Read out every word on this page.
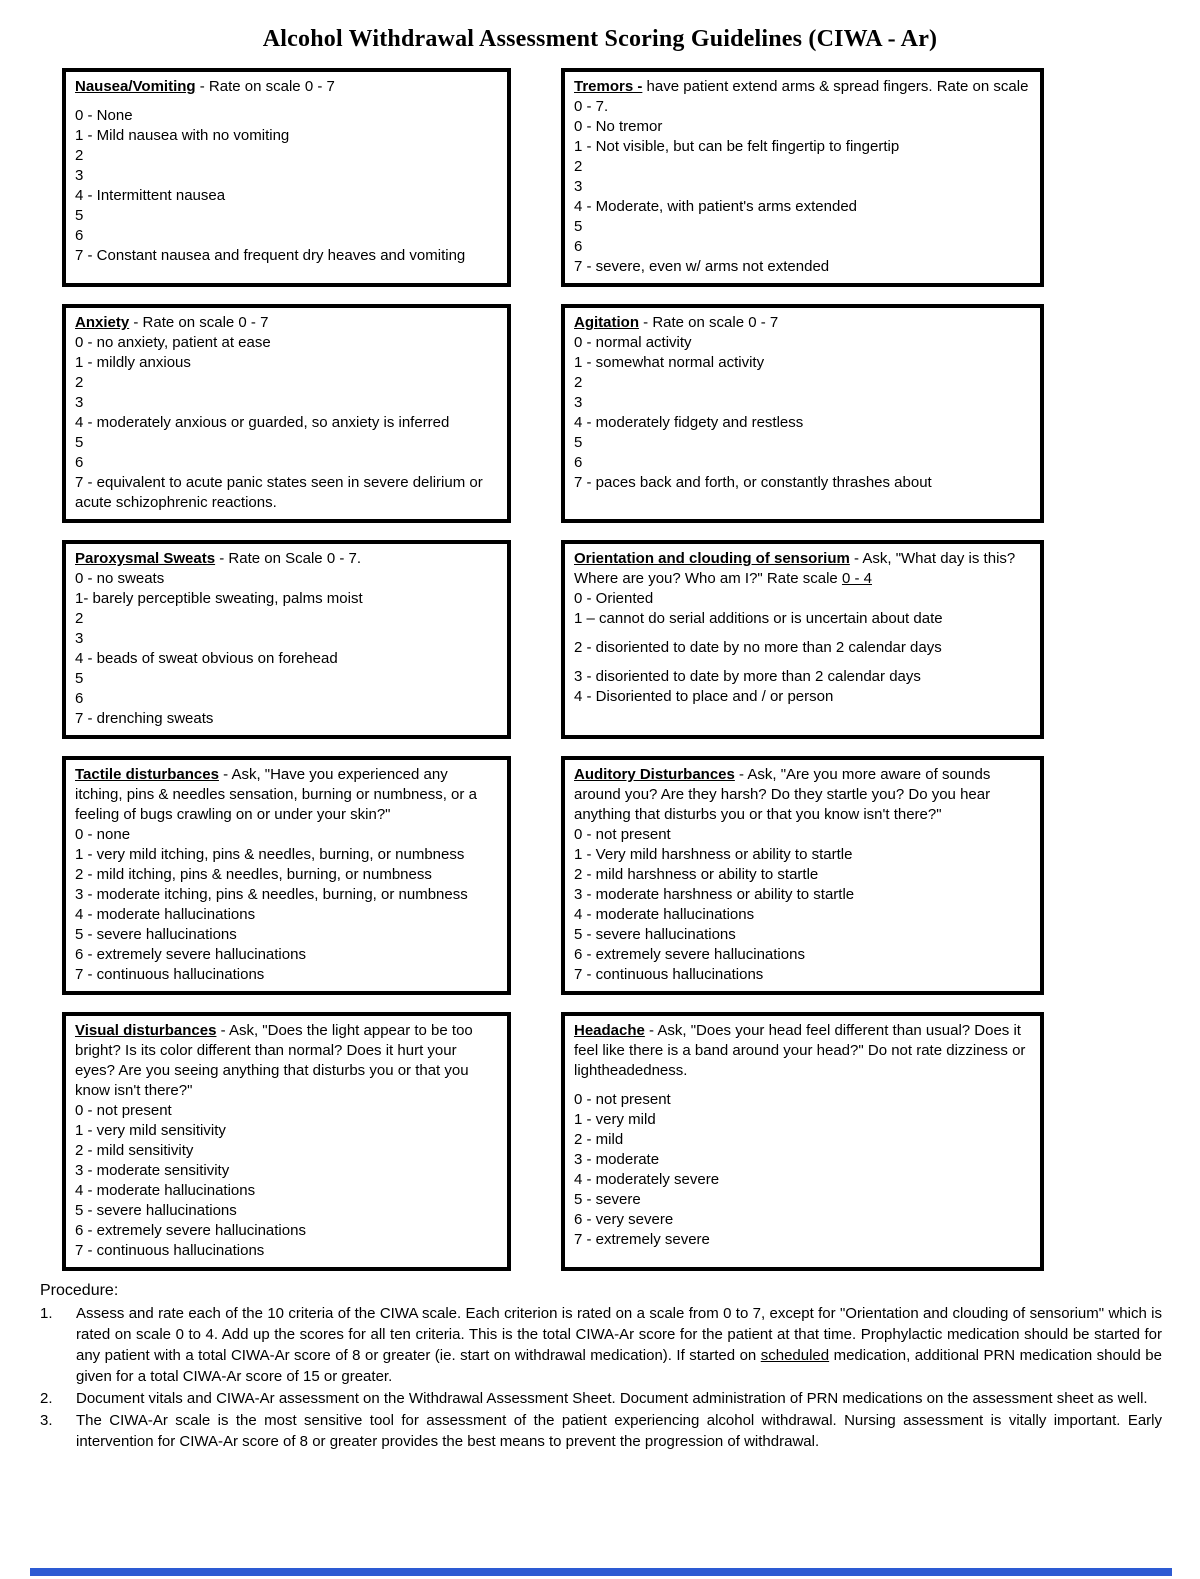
Alcohol Withdrawal Assessment Scoring Guidelines (CIWA - Ar)
Nausea/Vomiting - Rate on scale 0 - 7
0 - None
1 - Mild nausea with no vomiting
2
3
4 - Intermittent nausea
5
6
7 - Constant nausea and frequent dry heaves and vomiting
Tremors - have patient extend arms & spread fingers. Rate on scale 0 - 7.
0 - No tremor
1 - Not visible, but can be felt fingertip to fingertip
2
3
4 - Moderate, with patient's arms extended
5
6
7 - severe, even w/ arms not extended
Anxiety - Rate on scale 0 - 7
0 - no anxiety, patient at ease
1 - mildly anxious
2
3
4 - moderately anxious or guarded, so anxiety is inferred
5
6
7 - equivalent to acute panic states seen in severe delirium or acute schizophrenic reactions.
Agitation - Rate on scale 0 - 7
0 - normal activity
1 - somewhat normal activity
2
3
4 - moderately fidgety and restless
5
6
7 - paces back and forth, or constantly thrashes about
Paroxysmal Sweats - Rate on Scale 0 - 7.
0 - no sweats
1- barely perceptible sweating, palms moist
2
3
4 - beads of sweat obvious on forehead
5
6
7 - drenching sweats
Orientation and clouding of sensorium - Ask, "What day is this? Where are you? Who am I?" Rate scale 0 - 4
0 - Oriented
1 – cannot do serial additions or is uncertain about date
2 - disoriented to date by no more than 2 calendar days
3 - disoriented to date by more than 2 calendar days
4 - Disoriented to place and / or person
Tactile disturbances - Ask, "Have you experienced any itching, pins & needles sensation, burning or numbness, or a feeling of bugs crawling on or under your skin?"
0 - none
1 - very mild itching, pins & needles, burning, or numbness
2 - mild itching, pins & needles, burning, or numbness
3 - moderate itching, pins & needles, burning, or numbness
4 - moderate hallucinations
5 - severe hallucinations
6 - extremely severe hallucinations
7 - continuous hallucinations
Auditory Disturbances - Ask, "Are you more aware of sounds around you? Are they harsh? Do they startle you? Do you hear anything that disturbs you or that you know isn't there?"
0 - not present
1 - Very mild harshness or ability to startle
2 - mild harshness or ability to startle
3 - moderate harshness or ability to startle
4 - moderate hallucinations
5 - severe hallucinations
6 - extremely severe hallucinations
7 - continuous hallucinations
Visual disturbances - Ask, "Does the light appear to be too bright? Is its color different than normal? Does it hurt your eyes? Are you seeing anything that disturbs you or that you know isn't there?"
0 - not present
1 - very mild sensitivity
2 - mild sensitivity
3 - moderate sensitivity
4 - moderate hallucinations
5 - severe hallucinations
6 - extremely severe hallucinations
7 - continuous hallucinations
Headache - Ask, "Does your head feel different than usual? Does it feel like there is a band around your head?" Do not rate dizziness or lightheadedness.
0 - not present
1 - very mild
2 - mild
3 - moderate
4 - moderately severe
5 - severe
6 - very severe
7 - extremely severe
Procedure:
1.	Assess and rate each of the 10 criteria of the CIWA scale. Each criterion is rated on a scale from 0 to 7, except for "Orientation and clouding of sensorium" which is rated on scale 0 to 4. Add up the scores for all ten criteria. This is the total CIWA-Ar score for the patient at that time. Prophylactic medication should be started for any patient with a total CIWA-Ar score of 8 or greater (ie. start on withdrawal medication). If started on scheduled medication, additional PRN medication should be given for a total CIWA-Ar score of 15 or greater.
2.	Document vitals and CIWA-Ar assessment on the Withdrawal Assessment Sheet. Document administration of PRN medications on the assessment sheet as well.
3.	The CIWA-Ar scale is the most sensitive tool for assessment of the patient experiencing alcohol withdrawal. Nursing assessment is vitally important. Early intervention for CIWA-Ar score of 8 or greater provides the best means to prevent the progression of withdrawal.
